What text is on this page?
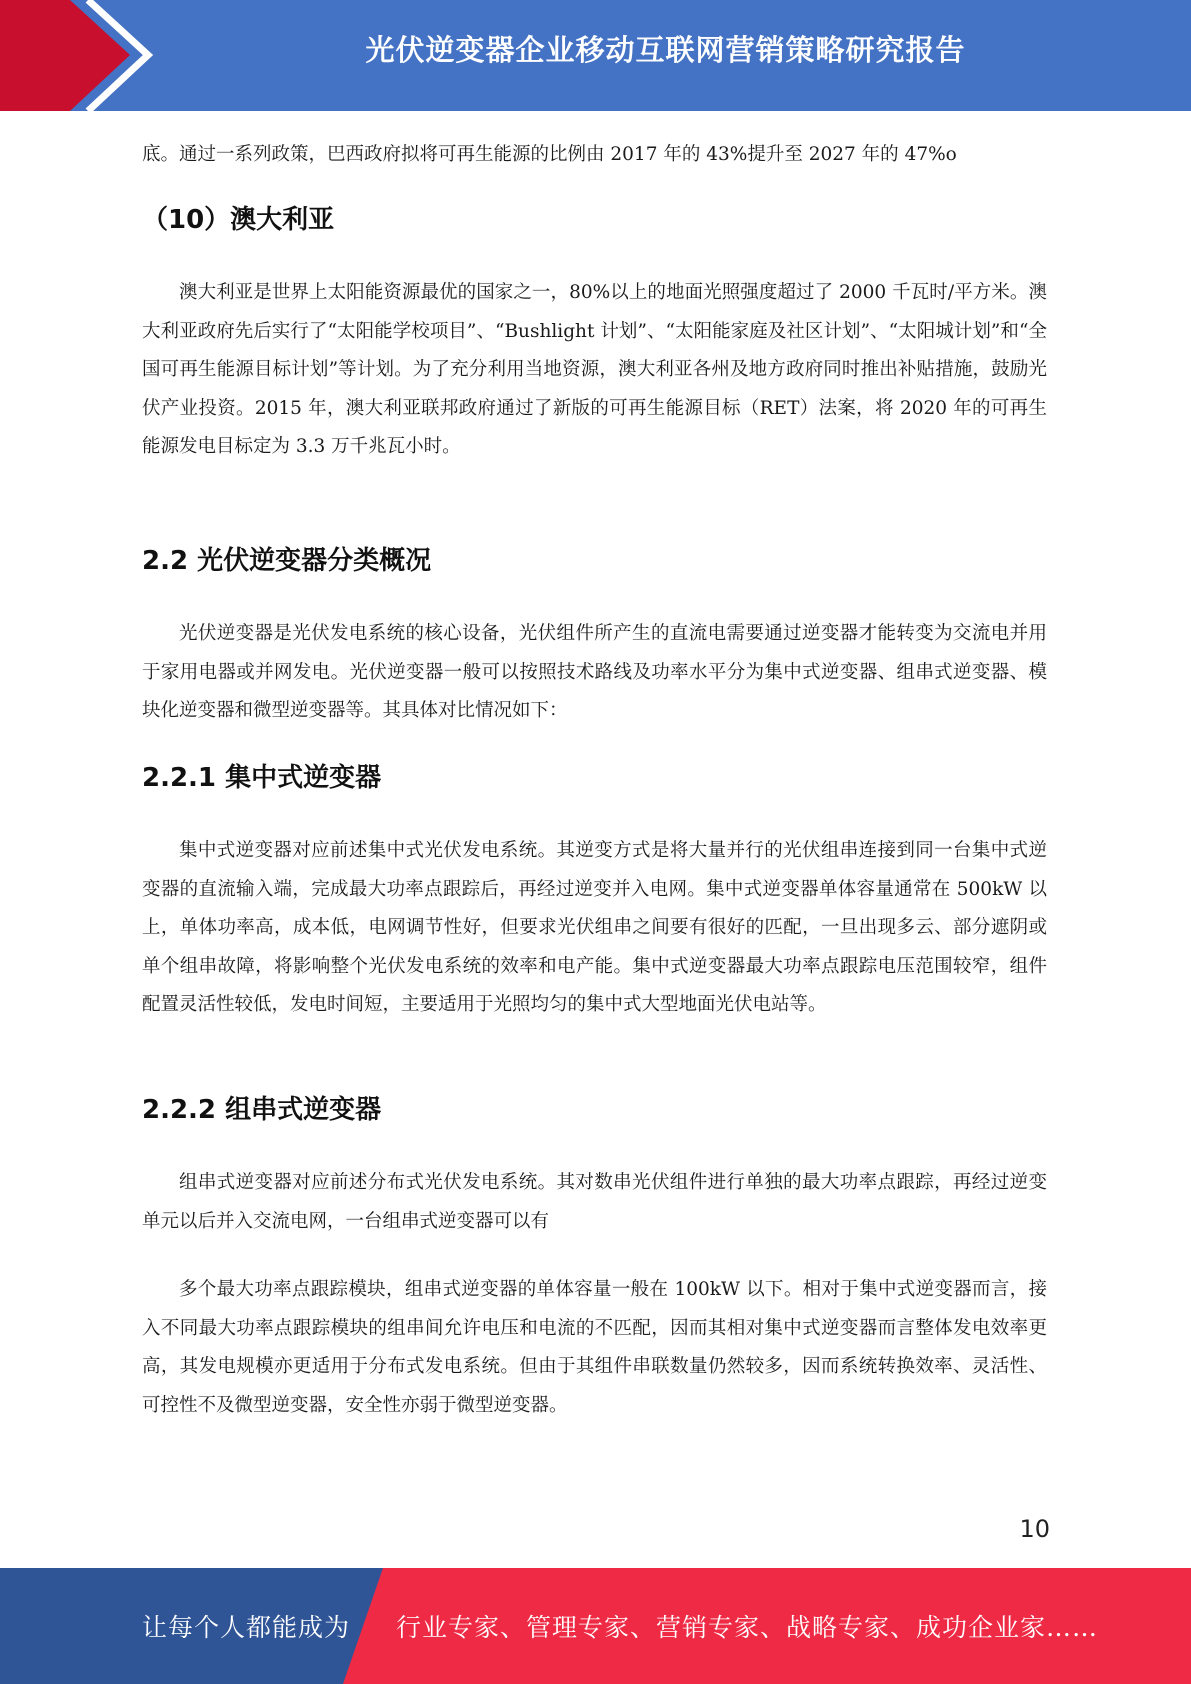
光伏逆变器企业移动互联网营销策略研究报告

底。通过一系列政策，巴西政府拟将可再生能源的比例由 2017 年的 43%提升至 2027 年的 47%o

（10）澳大利亚

澳大利亚是世界上太阳能资源最优的国家之一，80%以上的地面光照强度超过了 2000 千瓦时/平方米。澳大利亚政府先后实行了“太阳能学校项目”、“Bushlight 计划”、“太阳能家庭及社区计划”、“太阳城计划”和“全国可再生能源目标计划”等计划。为了充分利用当地资源，澳大利亚各州及地方政府同时推出补贴措施，鼓励光伏产业投资。2015 年，澳大利亚联邦政府通过了新版的可再生能源目标（RET）法案，将 2020 年的可再生能源发电目标定为 3.3 万千兆瓦小时。

2.2 光伏逆变器分类概况

光伏逆变器是光伏发电系统的核心设备，光伏组件所产生的直流电需要通过逆变器才能转变为交流电并用于家用电器或并网发电。光伏逆变器一般可以按照技术路线及功率水平分为集中式逆变器、组串式逆变器、模块化逆变器和微型逆变器等。其具体对比情况如下：

2.2.1 集中式逆变器

集中式逆变器对应前述集中式光伏发电系统。其逆变方式是将大量并行的光伏组串连接到同一台集中式逆变器的直流输入端，完成最大功率点跟踪后，再经过逆变并入电网。集中式逆变器单体容量通常在 500kW 以上，单体功率高，成本低，电网调节性好，但要求光伏组串之间要有很好的匹配，一旦出现多云、部分遮阴或单个组串故障，将影响整个光伏发电系统的效率和电产能。集中式逆变器最大功率点跟踪电压范围较窄，组件配置灵活性较低，发电时间短，主要适用于光照均匀的集中式大型地面光伏电站等。

2.2.2 组串式逆变器

组串式逆变器对应前述分布式光伏发电系统。其对数串光伏组件进行单独的最大功率点跟踪，再经过逆变单元以后并入交流电网，一台组串式逆变器可以有

多个最大功率点跟踪模块，组串式逆变器的单体容量一般在 100kW 以下。相对于集中式逆变器而言，接入不同最大功率点跟踪模块的组串间允许电压和电流的不匹配，因而其相对集中式逆变器而言整体发电效率更高，其发电规模亦更适用于分布式发电系统。但由于其组件串联数量仍然较多，因而系统转换效率、灵活性、可控性不及微型逆变器，安全性亦弱于微型逆变器。

10
让每个人都能成为 行业专家、管理专家、营销专家、战略专家、成功企业家……
